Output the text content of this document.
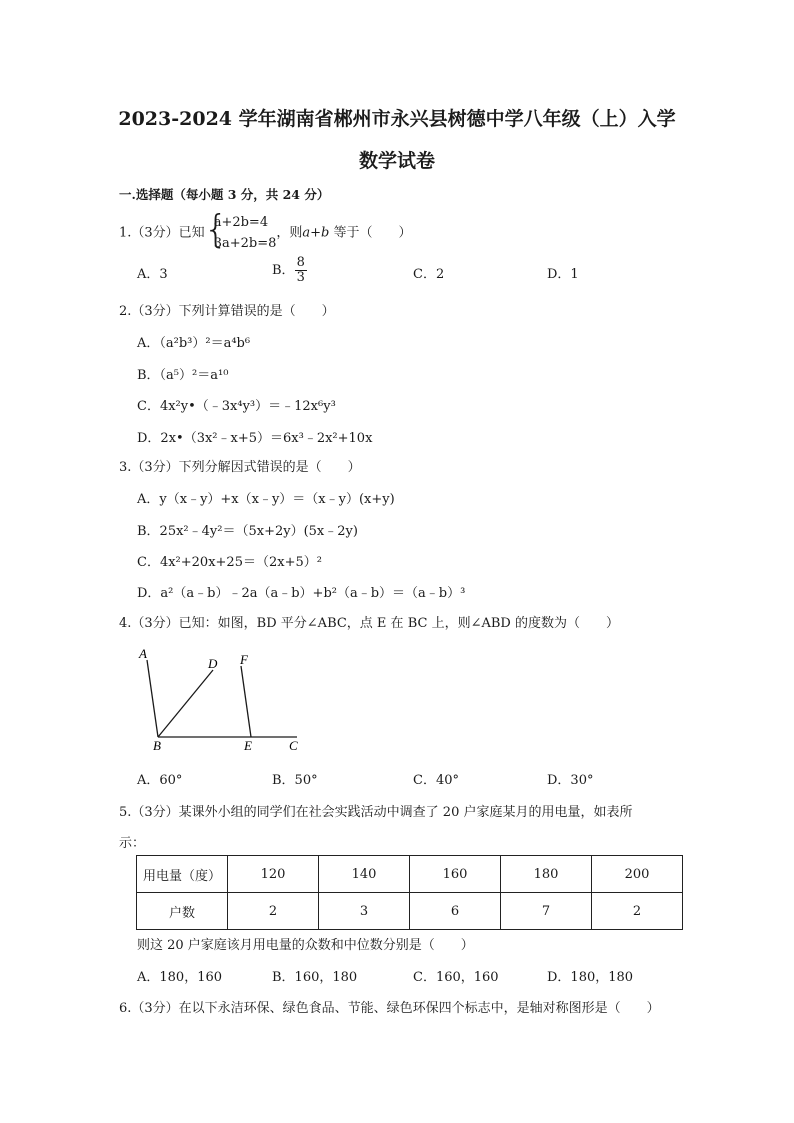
2023-2024 学年湖南省郴州市永兴县树德中学八年级（上）入学
数学试卷
一.选择题（每小题 3 分，共 24 分）
1.（3分）已知 {
a+2b=4
3a+2b=8
，则a+b 等于（　　）
A．3	B． $\frac{8}{3}$	C．2	D．1
2.（3分）下列计算错误的是（　　）
A．（a²b³）²＝a⁴b⁶
B．（a⁵）²＝a¹⁰
C．4x²y•（﹣3x⁴y³）＝﹣12x⁶y³
D．2x•（3x²﹣x+5）＝6x³﹣2x²+10x
3.（3分）下列分解因式错误的是（　　）
A．y（x﹣y）+x（x﹣y）＝（x﹣y）(x+y)
B．25x²﹣4y²＝（5x+2y）(5x﹣2y)
C．4x²+20x+25＝（2x+5）²
D．a²（a﹣b）﹣2a（a﹣b）+b²（a﹣b）＝（a﹣b）³
4.（3分）已知：如图，BD 平分∠ABC，点 E 在 BC 上，则∠ABD 的度数为（　　）
A
D F
B	E	C
A．60°	B．50°	C．40°	D．30°
5.（3分）某课外小组的同学们在社会实践活动中调查了 20 户家庭某月的用电量，如表所
示：
用电量（度）	120	140	160	180	200
户数	2	3	6	7	2
则这 20 户家庭该月用电量的众数和中位数分别是（　　）
A．180，160	B．160，180	C．160，160	D．180，180
6.（3分）在以下永洁环保、绿色食品、节能、绿色环保四个标志中，是轴对称图形是（　　）
